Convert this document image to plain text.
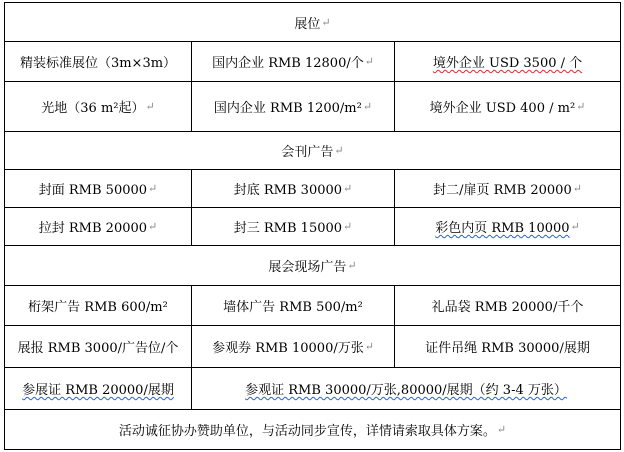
展位 ↵
精装标准展位（3m×3m）	国内企业 RMB 12800/个 ↵	境外企业 USD 3500 / 个
光地（36 m²起） ↵	国内企业 RMB 1200/m² ↵	境外企业 USD 400 / m² ↵
会刊广告 ↵
封面 RMB 50000 ↵	封底 RMB 30000 ↵	封二/扉页 RMB 20000 ↵
拉封 RMB 20000 ↵	封三 RMB 15000 ↵	彩色内页 RMB 10000 ↵
展会现场广告 ↵
桁架广告 RMB 600/m²	墙体广告 RMB 500/m²	礼品袋 RMB 20000/千个
展报 RMB 3000/广告位/个	参观券 RMB 10000/万张 ↵	证件吊绳 RMB 30000/展期
参展证 RMB 20000/展期	参观证 RMB 30000/万张,80000/展期（约 3-4 万张）
活动诚征协办赞助单位，与活动同步宣传，详情请索取具体方案。 ↵
